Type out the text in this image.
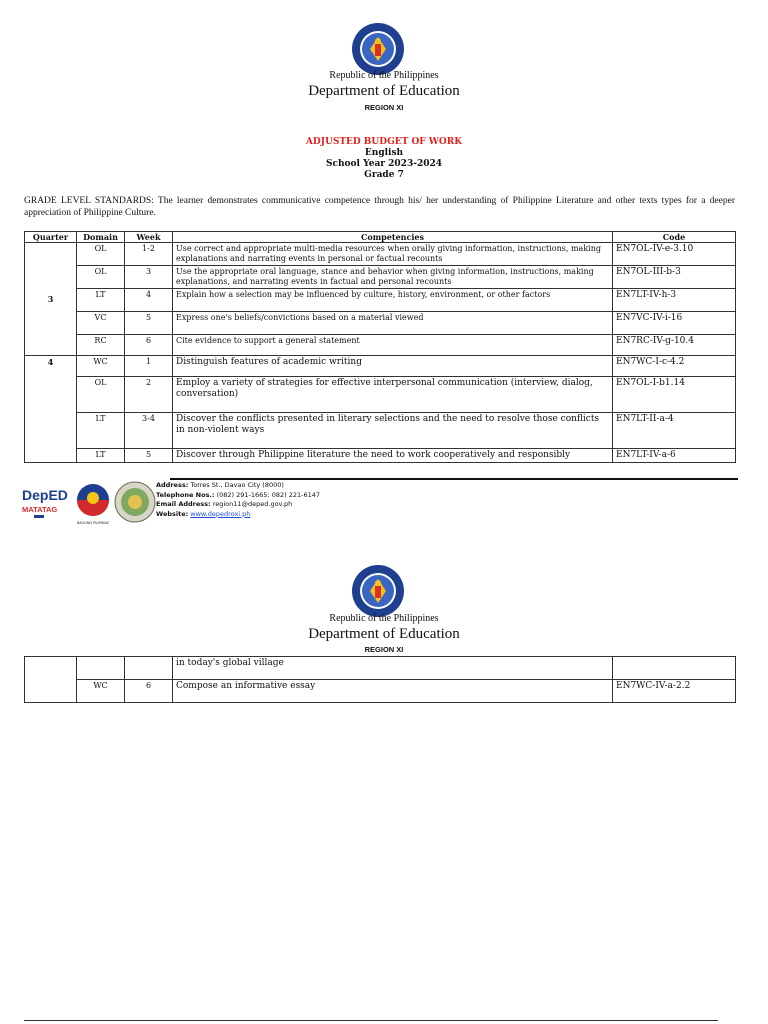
Republic of the Philippines
Department of Education
REGION XI
ADJUSTED BUDGET OF WORK
English
School Year 2023-2024
Grade 7
GRADE LEVEL STANDARDS: The learner demonstrates communicative competence through his/ her understanding of Philippine Literature and other texts types for a deeper appreciation of Philippine Culture.
Quarter	Domain	Week	Competencies	Code
3	OL	1-2	Use correct and appropriate multi-media resources when orally giving information, instructions, making explanations and narrating events in personal or factual recounts	EN7OL-IV-e-3.10
	OL	3	Use the appropriate oral language, stance and behavior when giving information, instructions, making explanations, and narrating events in factual and personal recounts	EN7OL-III-b-3
	LT	4	Explain how a selection may be influenced by culture, history, environment, or other factors	EN7LT-IV-h-3
	VC	5	Express one's beliefs/convictions based on a material viewed	EN7VC-IV-i-16
	RC	6	Cite evidence to support a general statement	EN7RC-IV-g-10.4
4	WC	1	Distinguish features of academic writing	EN7WC-I-c-4.2
	OL	2	Employ a variety of strategies for effective interpersonal communication (interview, dialog, conversation)	EN7OL-I-b1.14
	LT	3-4	Discover the conflicts presented in literary selections and the need to resolve those conflicts in non-violent ways	EN7LT-II-a-4
	LT	5	Discover through Philippine literature the need to work cooperatively and responsibly	EN7LT-IV-a-6
DepED
MATATAG
BAGONG PILIPINAS
Address: Torres St., Davao City (8000)
Telephone Nos.: (082) 291-1665; 082) 221-6147
Email Address: region11@deped.gov.ph
Website: www.depedroxi.ph
Republic of the Philippines
Department of Education
REGION XI
			in today's global village	
	WC	6	Compose an informative essay	EN7WC-IV-a-2.2
